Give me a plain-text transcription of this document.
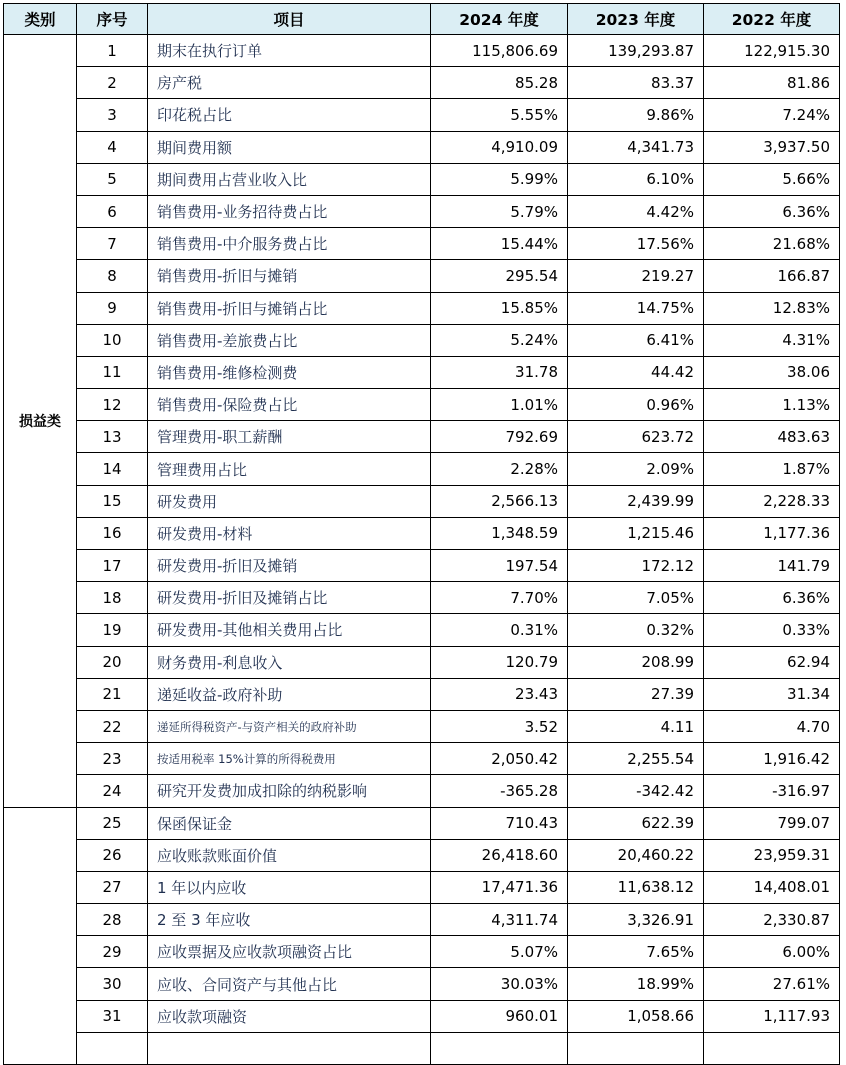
类别	序号	项目	2024 年度	2023 年度	2022 年度
损益类	1	期末在执行订单	115,806.69	139,293.87	122,915.30
	2	房产税	85.28	83.37	81.86
	3	印花税占比	5.55%	9.86%	7.24%
	4	期间费用额	4,910.09	4,341.73	3,937.50
	5	期间费用占营业收入比	5.99%	6.10%	5.66%
	6	销售费用-业务招待费占比	5.79%	4.42%	6.36%
	7	销售费用-中介服务费占比	15.44%	17.56%	21.68%
	8	销售费用-折旧与摊销	295.54	219.27	166.87
	9	销售费用-折旧与摊销占比	15.85%	14.75%	12.83%
	10	销售费用-差旅费占比	5.24%	6.41%	4.31%
	11	销售费用-维修检测费	31.78	44.42	38.06
	12	销售费用-保险费占比	1.01%	0.96%	1.13%
	13	管理费用-职工薪酬	792.69	623.72	483.63
	14	管理费用占比	2.28%	2.09%	1.87%
	15	研发费用	2,566.13	2,439.99	2,228.33
	16	研发费用-材料	1,348.59	1,215.46	1,177.36
	17	研发费用-折旧及摊销	197.54	172.12	141.79
	18	研发费用-折旧及摊销占比	7.70%	7.05%	6.36%
	19	研发费用-其他相关费用占比	0.31%	0.32%	0.33%
	20	财务费用-利息收入	120.79	208.99	62.94
	21	递延收益-政府补助	23.43	27.39	31.34
	22	递延所得税资产-与资产相关的政府补助	3.52	4.11	4.70
	23	按适用税率 15%计算的所得税费用	2,050.42	2,255.54	1,916.42
	24	研究开发费加成扣除的纳税影响	-365.28	-342.42	-316.97
	25	保函保证金	710.43	622.39	799.07
	26	应收账款账面价值	26,418.60	20,460.22	23,959.31
	27	1 年以内应收	17,471.36	11,638.12	14,408.01
	28	2 至 3 年应收	4,311.74	3,326.91	2,330.87
	29	应收票据及应收款项融资占比	5.07%	7.65%	6.00%
	30	应收、合同资产与其他占比	30.03%	18.99%	27.61%
	31	应收款项融资	960.01	1,058.66	1,117.93
